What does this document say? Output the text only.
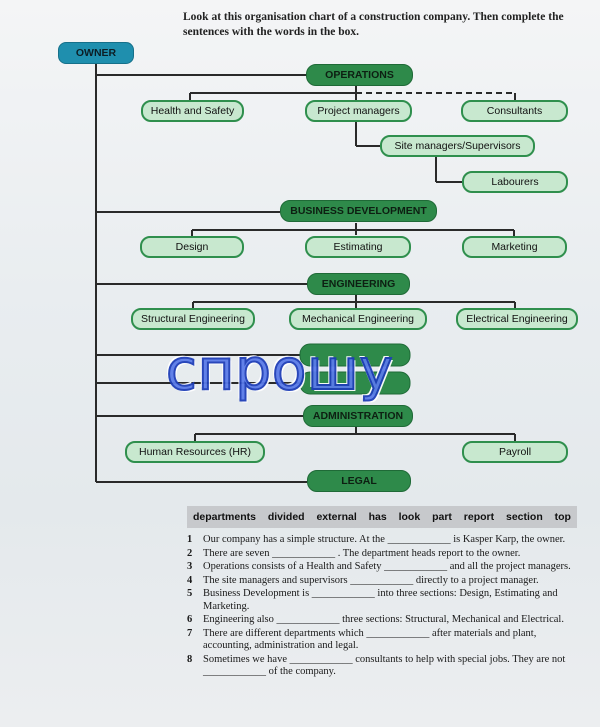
Look at this organisation chart of a construction company. Then complete the sentences with the words in the box.
OWNER
OPERATIONS
Health and Safety	Project managers	Consultants
Site managers/Supervisors
Labourers
BUSINESS DEVELOPMENT
Design	Estimating	Marketing
ENGINEERING
Structural Engineering	Mechanical Engineering	Electrical Engineering
ADMINISTRATION
Human Resources (HR)	Payroll
LEGAL
спрошу
departments divided external has look part report section top
1 Our company has a simple structure. At the ____________ is Kasper Karp, the owner.
2 There are seven ____________ . The department heads report to the owner.
3 Operations consists of a Health and Safety ____________ and all the project managers.
4 The site managers and supervisors ____________ directly to a project manager.
5 Business Development is ____________ into three sections: Design, Estimating and Marketing.
6 Engineering also ____________ three sections: Structural, Mechanical and Electrical.
7 There are different departments which ____________ after materials and plant, accounting, administration and legal.
8 Sometimes we have ____________ consultants to help with special jobs. They are not ____________ of the company.
